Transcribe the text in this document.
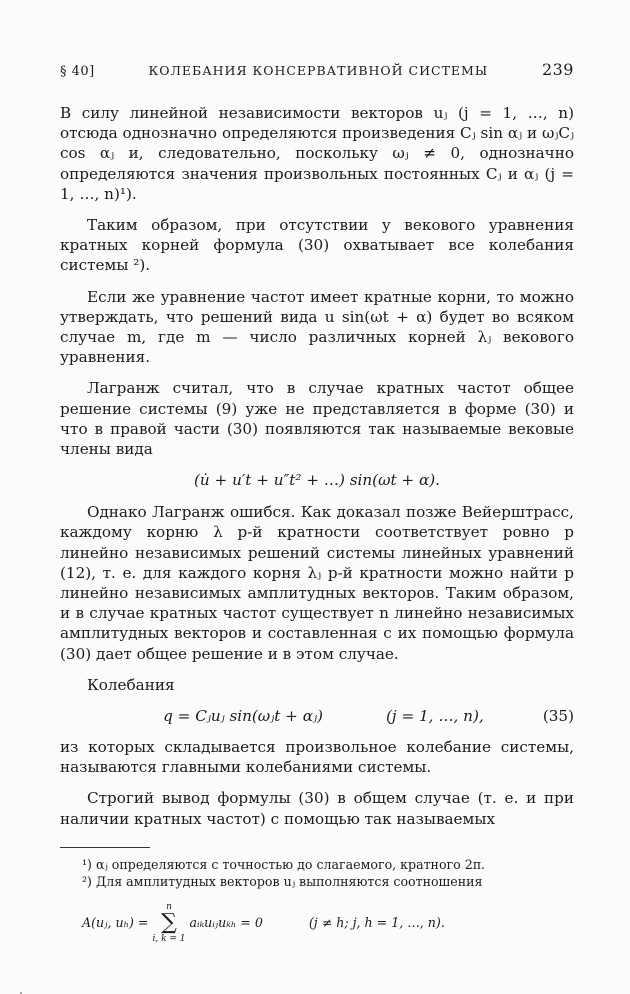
§ 40]	КОЛЕБАНИЯ КОНСЕРВАТИВНОЙ СИСТЕМЫ	239

В силу линейной независимости векторов uⱼ (j = 1, …, n) отсюда однозначно определяются произведения Cⱼ sin αⱼ и ωⱼCⱼ cos αⱼ и, следовательно, поскольку ωⱼ ≠ 0, однозначно определяются значения произвольных постоянных Cⱼ и αⱼ (j = 1, …, n)¹).

Таким образом, при отсутствии у векового уравнения кратных корней формула (30) охватывает все колебания системы ²).

Если же уравнение частот имеет кратные корни, то можно утверждать, что решений вида u sin(ωt + α) будет во всяком случае m, где m — число различных корней λⱼ векового уравнения.

Лагранж считал, что в случае кратных частот общее решение системы (9) уже не представляется в форме (30) и что в правой части (30) появляются так называемые вековые члены вида

(u̇ + u′t + u″t² + …) sin(ωt + α).

Однако Лагранж ошибся. Как доказал позже Вейерштрасс, каждому корню λ p-й кратности соответствует ровно p линейно независимых решений системы линейных уравнений (12), т. е. для каждого корня λⱼ p-й кратности можно найти p линейно независимых амплитудных векторов. Таким образом, и в случае кратных частот существует n линейно независимых амплитудных векторов и составленная с их помощью формула (30) дает общее решение и в этом случае.

Колебания

q = Cⱼuⱼ sin(ωⱼt + αⱼ)	(j = 1, …, n),	(35)

из которых складывается произвольное колебание системы, называются главными колебаниями системы.

Строгий вывод формулы (30) в общем случае (т. е. и при наличии кратных частот) с помощью так называемых

¹) αⱼ определяются с точностью до слагаемого, кратного 2π.

²) Для амплитудных векторов uⱼ выполняются соотношения

A(uⱼ, uₕ) =
n
∑
i, k = 1
aᵢₖuᵢⱼuₖₕ = 0	(j ≠ h; j, h = 1, …, n).
